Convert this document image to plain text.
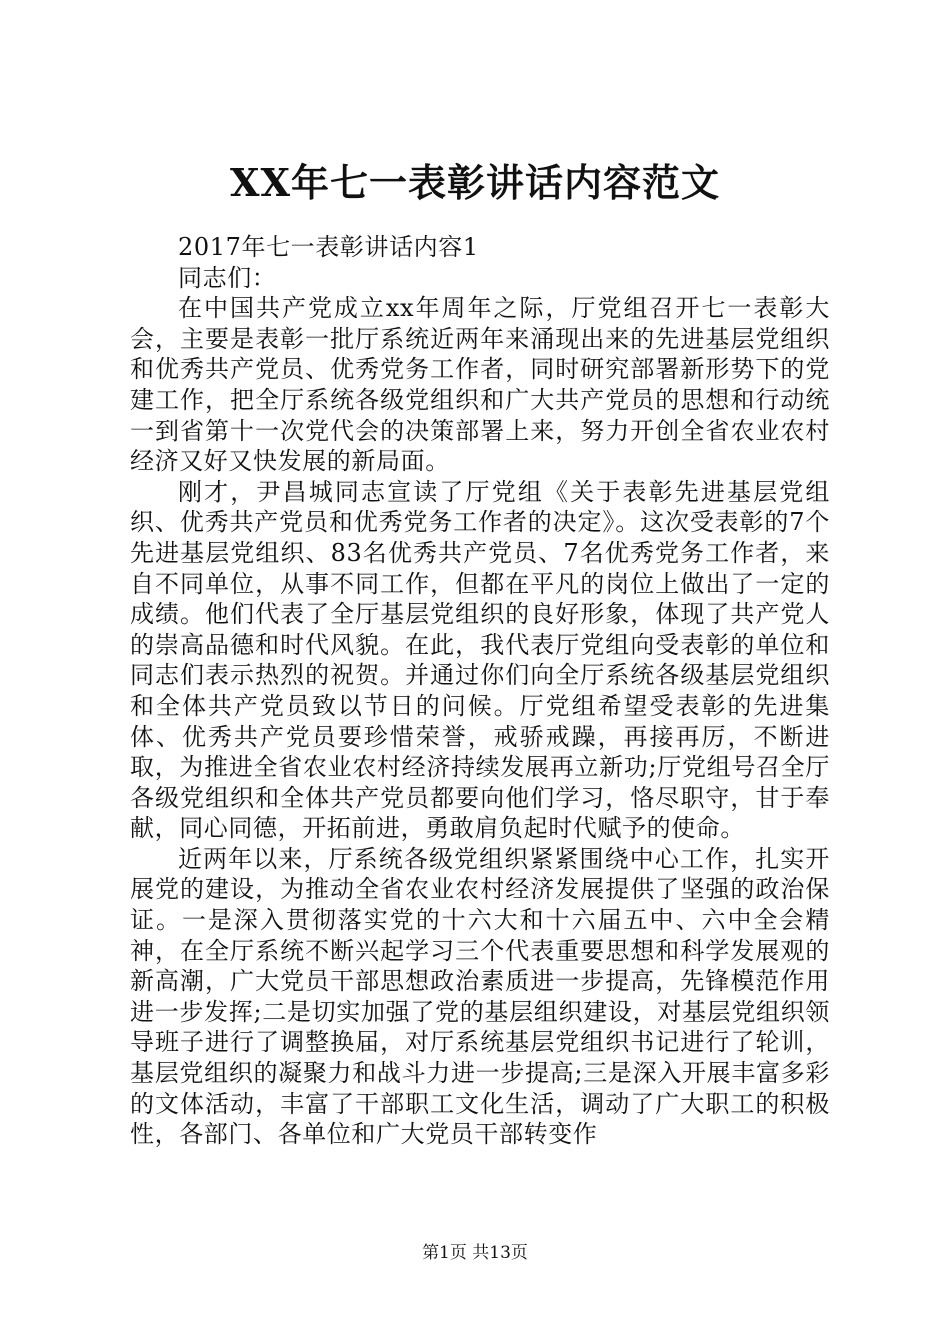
XX年七一表彰讲话内容范文

2017年七一表彰讲话内容1

同志们：

在中国共产党成立xx年周年之际，厅党组召开七一表彰大会，主要是表彰一批厅系统近两年来涌现出来的先进基层党组织和优秀共产党员、优秀党务工作者，同时研究部署新形势下的党建工作，把全厅系统各级党组织和广大共产党员的思想和行动统一到省第十一次党代会的决策部署上来，努力开创全省农业农村经济又好又快发展的新局面。

刚才，尹昌城同志宣读了厅党组《关于表彰先进基层党组织、优秀共产党员和优秀党务工作者的决定》。这次受表彰的7个先进基层党组织、83名优秀共产党员、7名优秀党务工作者，来自不同单位，从事不同工作，但都在平凡的岗位上做出了一定的成绩。他们代表了全厅基层党组织的良好形象，体现了共产党人的崇高品德和时代风貌。在此，我代表厅党组向受表彰的单位和同志们表示热烈的祝贺。并通过你们向全厅系统各级基层党组织和全体共产党员致以节日的问候。厅党组希望受表彰的先进集体、优秀共产党员要珍惜荣誉，戒骄戒躁，再接再厉，不断进取，为推进全省农业农村经济持续发展再立新功;厅党组号召全厅各级党组织和全体共产党员都要向他们学习，恪尽职守，甘于奉献，同心同德，开拓前进，勇敢肩负起时代赋予的使命。

近两年以来，厅系统各级党组织紧紧围绕中心工作，扎实开展党的建设，为推动全省农业农村经济发展提供了坚强的政治保证。一是深入贯彻落实党的十六大和十六届五中、六中全会精神，在全厅系统不断兴起学习三个代表重要思想和科学发展观的新高潮，广大党员干部思想政治素质进一步提高，先锋模范作用进一步发挥;二是切实加强了党的基层组织建设，对基层党组织领导班子进行了调整换届，对厅系统基层党组织书记进行了轮训，基层党组织的凝聚力和战斗力进一步提高;三是深入开展丰富多彩的文体活动，丰富了干部职工文化生活，调动了广大职工的积极性，各部门、各单位和广大党员干部转变作

第1页 共13页
